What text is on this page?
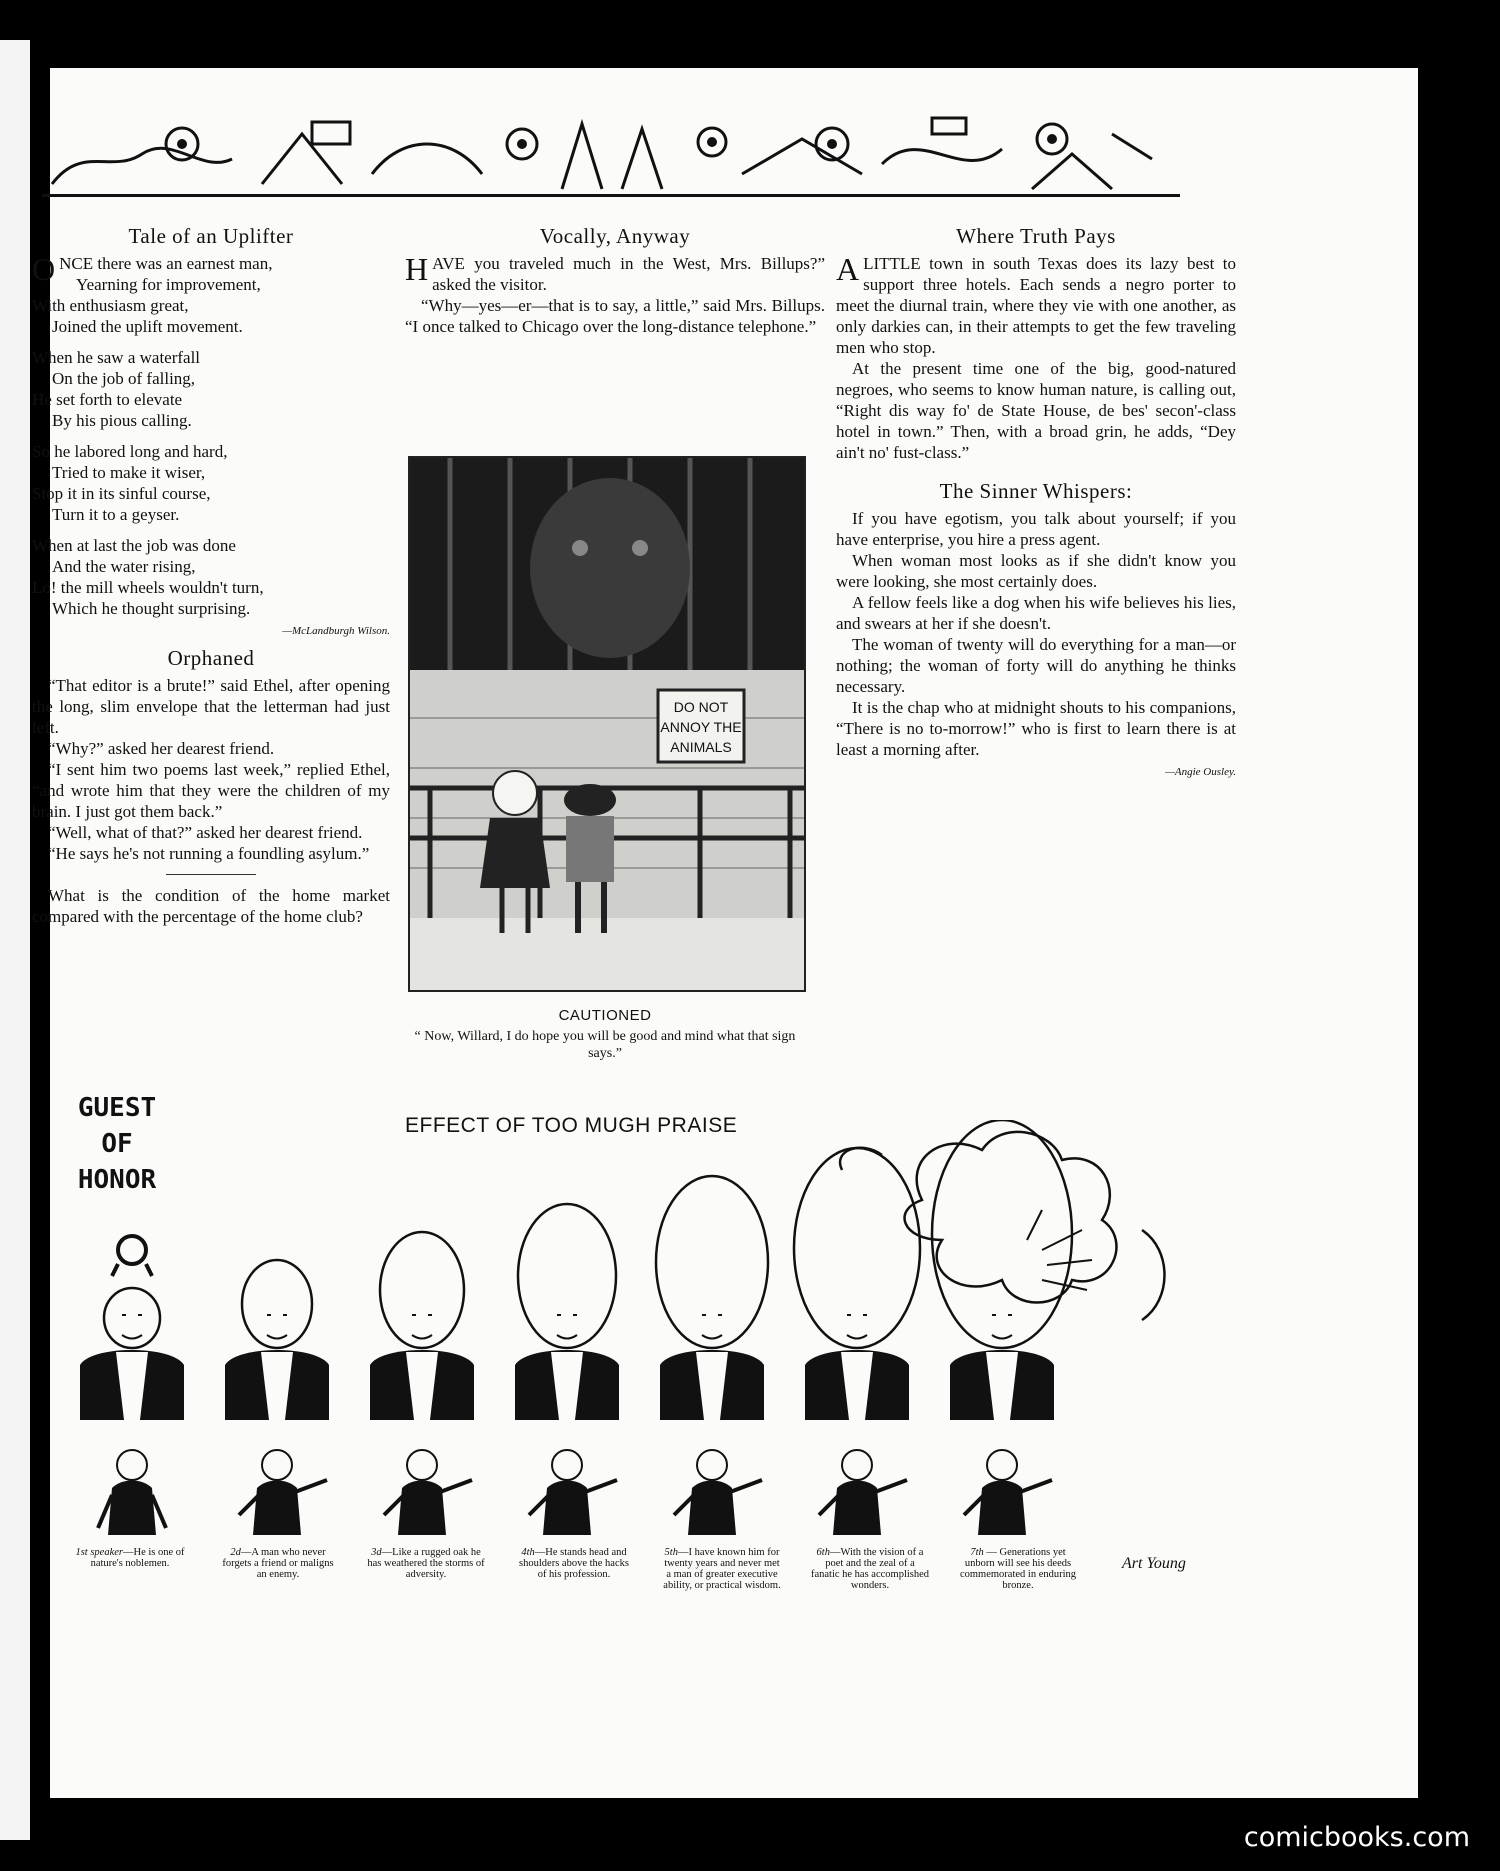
Tale of an Uplifter

ONCE there was an earnest man,

Yearning for improvement,

With enthusiasm great,

Joined the uplift movement.

When he saw a waterfall

On the job of falling,

He set forth to elevate

By his pious calling.

So he labored long and hard,

Tried to make it wiser,

Stop it in its sinful course,

Turn it to a geyser.

When at last the job was done

And the water rising,

Lo! the mill wheels wouldn't turn,

Which he thought surprising.

—McLandburgh Wilson.
Orphaned

“That editor is a brute!” said Ethel, after opening the long, slim envelope that the letterman had just left.

“Why?” asked her dearest friend.

“I sent him two poems last week,” replied Ethel, “and wrote him that they were the children of my brain. I just got them back.”

“Well, what of that?” asked her dearest friend.

“He says he's not running a foundling asylum.”

What is the condition of the home market compared with the percentage of the home club?

Vocally, Anyway

HAVE you traveled much in the West, Mrs. Billups?” asked the visitor.

“Why—yes—er—that is to say, a little,” said Mrs. Billups. “I once talked to Chicago over the long-distance telephone.”

DO NOT
ANNOY THE
ANIMALS
CAUTIONED
“ Now, Willard, I do hope you will be good and mind what that sign says.”
Where Truth Pays

ALITTLE town in south Texas does its lazy best to support three hotels. Each sends a negro porter to meet the diurnal train, where they vie with one another, as only darkies can, in their attempts to get the few traveling men who stop.

At the present time one of the big, good-natured negroes, who seems to know human nature, is calling out, “Right dis way fo' de State House, de bes' secon'-class hotel in town.” Then, with a broad grin, he adds, “Dey ain't no' fust-class.”

The Sinner Whispers:

If you have egotism, you talk about yourself; if you have enterprise, you hire a press agent.

When woman most looks as if she didn't know you were looking, she most certainly does.

A fellow feels like a dog when his wife believes his lies, and swears at her if she doesn't.

The woman of twenty will do everything for a man—or nothing; the woman of forty will do anything he thinks necessary.

It is the chap who at midnight shouts to his companions, “There is no to-morrow!” who is first to learn there is at least a morning after.

—Angie Ousley.
GUEST
OF
HONOR
EFFECT OF TOO MUGH PRAISE
Art Young
1st speaker—He is one of nature's noblemen.
2d—A man who never forgets a friend or maligns an enemy.
3d—Like a rugged oak he has weathered the storms of adversity.
4th—He stands head and shoulders above the hacks of his profession.
5th—I have known him for twenty years and never met a man of greater executive ability, or practical wisdom.
6th—With the vision of a poet and the zeal of a fanatic he has accomplished wonders.
7th — Generations yet unborn will see his deeds commemorated in enduring bronze.
comicbooks.com
